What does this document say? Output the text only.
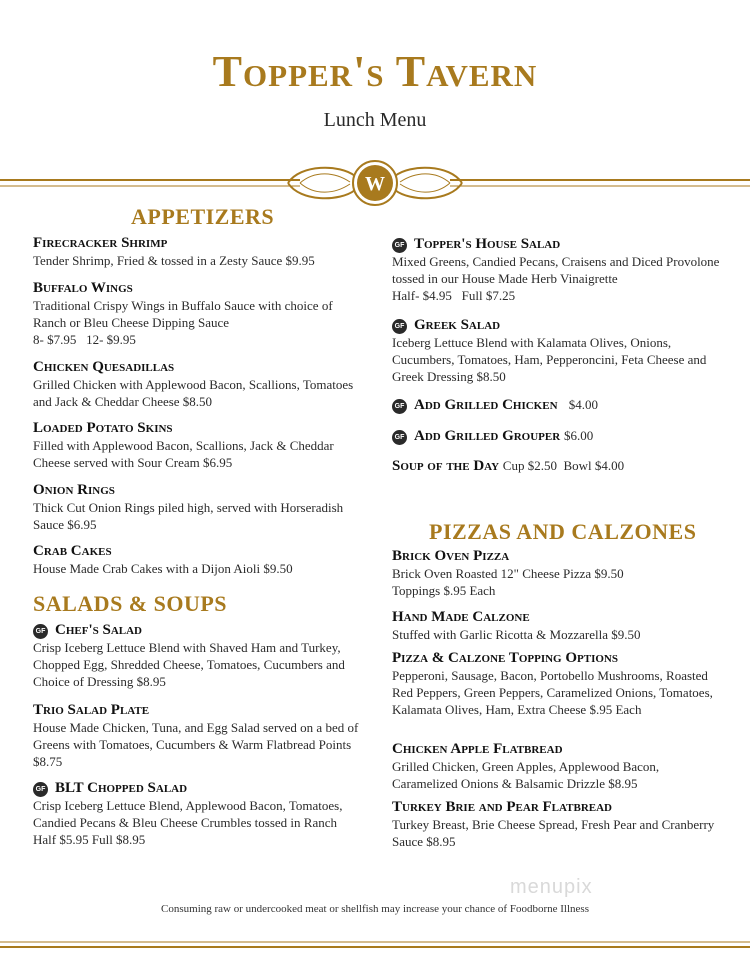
Topper's Tavern
Lunch Menu
W
APPETIZERS
Firecracker Shrimp
Tender Shrimp, Fried & tossed in a Zesty Sauce $9.95
Buffalo Wings
Traditional Crispy Wings in Buffalo Sauce with choice of Ranch or Bleu Cheese Dipping Sauce
8- $7.95   12- $9.95
Chicken Quesadillas
Grilled Chicken with Applewood Bacon, Scallions, Tomatoes and Jack & Cheddar Cheese $8.50
Loaded Potato Skins
Filled with Applewood Bacon, Scallions, Jack & Cheddar Cheese served with Sour Cream $6.95
Onion Rings
Thick Cut Onion Rings piled high, served with Horseradish Sauce $6.95
Crab Cakes
House Made Crab Cakes with a Dijon Aioli $9.50
SALADS & SOUPS
GF Chef's Salad
Crisp Iceberg Lettuce Blend with Shaved Ham and Turkey, Chopped Egg, Shredded Cheese, Tomatoes, Cucumbers and Choice of Dressing $8.95
Trio Salad Plate
House Made Chicken, Tuna, and Egg Salad served on a bed of Greens with Tomatoes, Cucumbers & Warm Flatbread Points $8.75
GF BLT Chopped Salad
Crisp Iceberg Lettuce Blend, Applewood Bacon, Tomatoes, Candied Pecans & Bleu Cheese Crumbles tossed in Ranch Half $5.95 Full $8.95
GF Topper's House Salad
Mixed Greens, Candied Pecans, Craisens and Diced Provolone tossed in our House Made Herb Vinaigrette
Half- $4.95   Full $7.25
GF Greek Salad
Iceberg Lettuce Blend with Kalamata Olives, Onions, Cucumbers, Tomatoes, Ham, Pepperoncini, Feta Cheese and Greek Dressing $8.50
GF Add Grilled Chicken $4.00
GF Add Grilled Grouper $6.00
Soup of the Day Cup $2.50  Bowl $4.00
PIZZAS AND CALZONES
Brick Oven Pizza
Brick Oven Roasted 12" Cheese Pizza $9.50
Toppings $.95 Each
Hand Made Calzone
Stuffed with Garlic Ricotta & Mozzarella $9.50
Pizza & Calzone Topping Options
Pepperoni, Sausage, Bacon, Portobello Mushrooms, Roasted Red Peppers, Green Peppers, Caramelized Onions, Tomatoes, Kalamata Olives, Ham, Extra Cheese $.95 Each
Chicken Apple Flatbread
Grilled Chicken, Green Apples, Applewood Bacon, Caramelized Onions & Balsamic Drizzle $8.95
Turkey Brie and Pear Flatbread
Turkey Breast, Brie Cheese Spread, Fresh Pear and Cranberry Sauce $8.95
menupix
Consuming raw or undercooked meat or shellfish may increase your chance of Foodborne Illness
